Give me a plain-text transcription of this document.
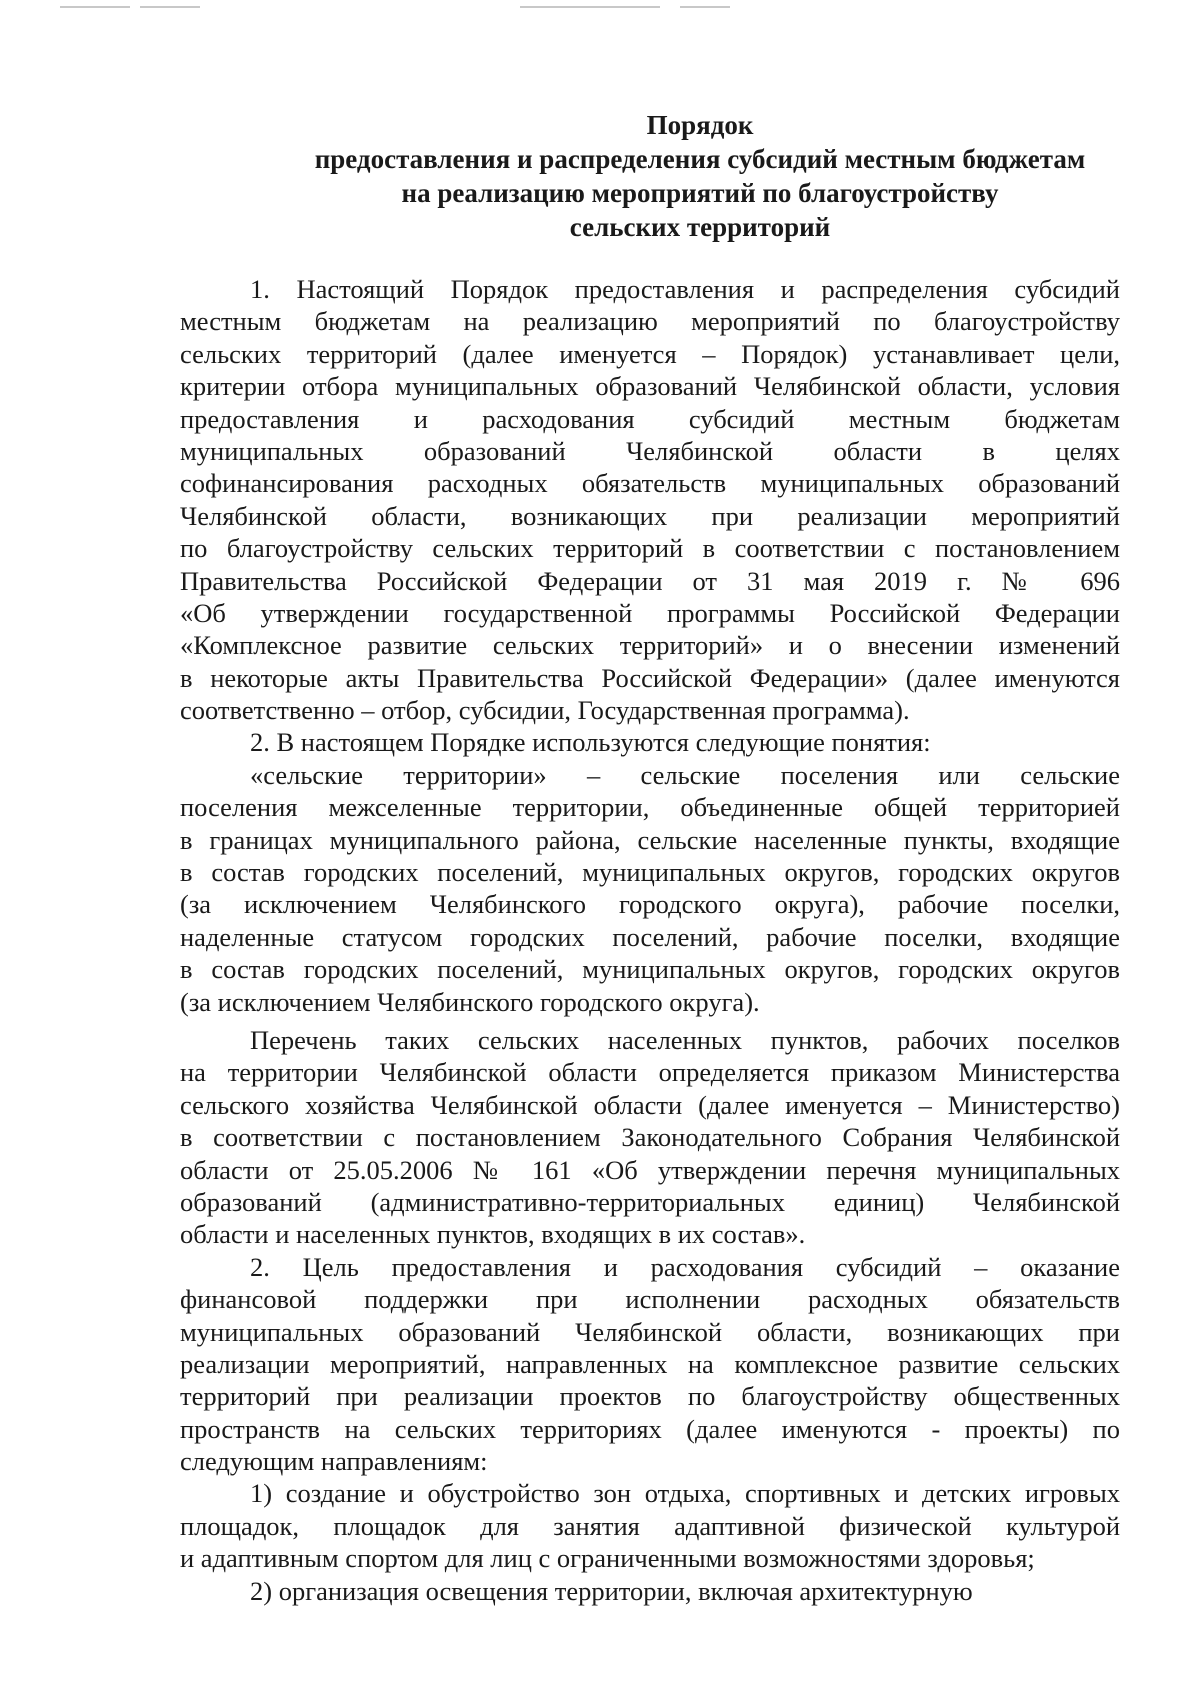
Порядок
предоставления и распределения субсидий местным бюджетам
на реализацию мероприятий по благоустройству
сельских территорий
1. Настоящий Порядок предоставления и распределения субсидий
местным бюджетам на реализацию мероприятий по благоустройству
сельских территорий (далее именуется – Порядок) устанавливает цели,
критерии отбора муниципальных образований Челябинской области, условия
предоставления и расходования субсидий местным бюджетам
муниципальных образований Челябинской области в целях
софинансирования расходных обязательств муниципальных образований
Челябинской области, возникающих при реализации мероприятий
по благоустройству сельских территорий в соответствии с постановлением
Правительства Российской Федерации от 31 мая 2019 г. № 696
«Об утверждении государственной программы Российской Федерации
«Комплексное развитие сельских территорий» и о внесении изменений
в некоторые акты Правительства Российской Федерации» (далее именуются
соответственно – отбор, субсидии, Государственная программа).
2. В настоящем Порядке используются следующие понятия:
«сельские территории» – сельские поселения или сельские
поселения межселенные территории, объединенные общей территорией
в границах муниципального района, сельские населенные пункты, входящие
в состав городских поселений, муниципальных округов, городских округов
(за исключением Челябинского городского округа), рабочие поселки,
наделенные статусом городских поселений, рабочие поселки, входящие
в состав городских поселений, муниципальных округов, городских округов
(за исключением Челябинского городского округа).
Перечень таких сельских населенных пунктов, рабочих поселков
на территории Челябинской области определяется приказом Министерства
сельского хозяйства Челябинской области (далее именуется – Министерство)
в соответствии с постановлением Законодательного Собрания Челябинской
области от 25.05.2006 № 161 «Об утверждении перечня муниципальных
образований (административно-территориальных единиц) Челябинской
области и населенных пунктов, входящих в их состав».
2. Цель предоставления и расходования субсидий – оказание
финансовой поддержки при исполнении расходных обязательств
муниципальных образований Челябинской области, возникающих при
реализации мероприятий, направленных на комплексное развитие сельских
территорий при реализации проектов по благоустройству общественных
пространств на сельских территориях (далее именуются - проекты) по
следующим направлениям:
1) создание и обустройство зон отдыха, спортивных и детских игровых
площадок, площадок для занятия адаптивной физической культурой
и адаптивным спортом для лиц с ограниченными возможностями здоровья;
2) организация освещения территории, включая архитектурную
